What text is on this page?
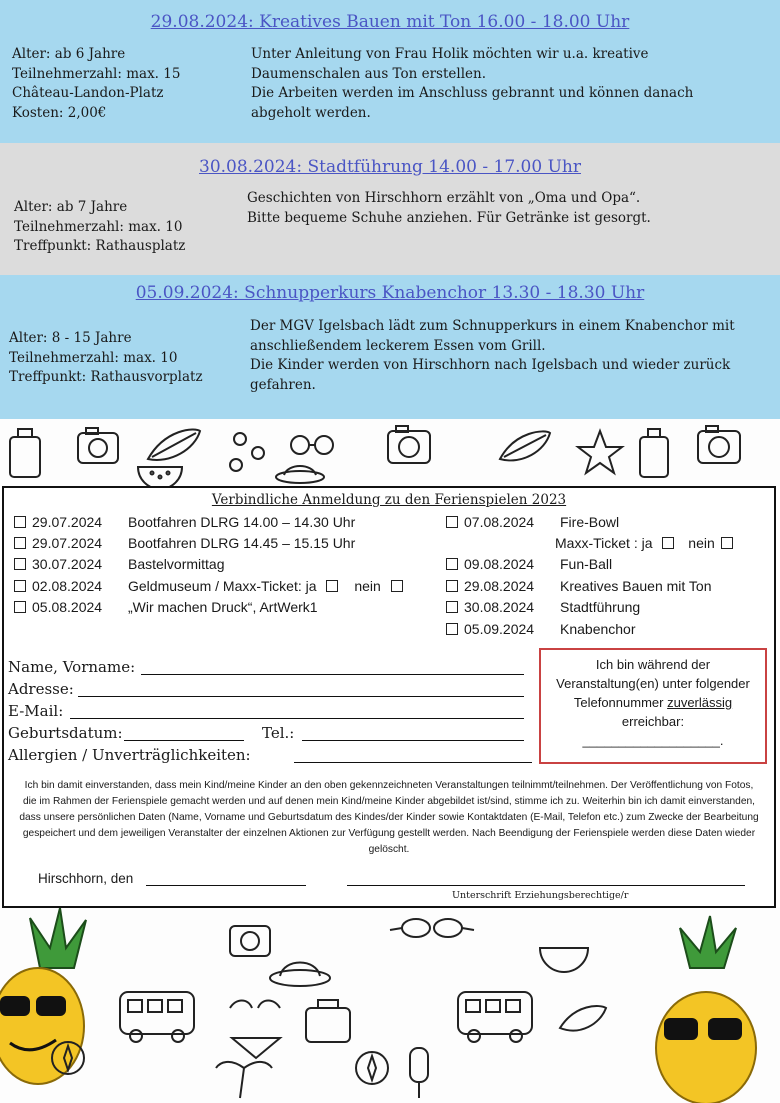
29.08.2024: Kreatives Bauen mit Ton 16.00 - 18.00 Uhr
Alter: ab 6 Jahre
Teilnehmerzahl: max. 15
Château-Landon-Platz
Kosten: 2,00€
Unter Anleitung von Frau Holik möchten wir u.a. kreative
Daumenschalen aus Ton erstellen.
Die Arbeiten werden im Anschluss gebrannt und können danach
abgeholt werden.
30.08.2024: Stadtführung 14.00 - 17.00 Uhr
Alter: ab 7 Jahre
Teilnehmerzahl: max. 10
Treffpunkt: Rathausplatz
Geschichten von Hirschhorn erzählt von „Oma und Opa“.
Bitte bequeme Schuhe anziehen. Für Getränke ist gesorgt.
05.09.2024: Schnupperkurs Knabenchor 13.30 - 18.30 Uhr
Alter: 8 - 15 Jahre
Teilnehmerzahl: max. 10
Treffpunkt: Rathausvorplatz
Der MGV Igelsbach lädt zum Schnupperkurs in einem Knabenchor mit
anschließendem leckerem Essen vom Grill.
Die Kinder werden von Hirschhorn nach Igelsbach und wieder zurück
gefahren.
Verbindliche Anmeldung zu den Ferienspielen 2023
29.07.2024 Bootfahren DLRG 14.00 – 14.30 Uhr
29.07.2024 Bootfahren DLRG 14.45 – 15.15 Uhr
30.07.2024 Bastelvormittag
02.08.2024 Geldmuseum / Maxx-Ticket: ja	nein
05.08.2024 „Wir machen Druck“, ArtWerk1
07.08.2024 Fire-Bowl
Maxx-Ticket : ja	nein
09.08.2024 Fun-Ball
29.08.2024 Kreatives Bauen mit Ton
30.08.2024 Stadtführung
05.09.2024 Knabenchor
Name, Vorname:
Adresse:
E-Mail:
Geburtsdatum:	Tel.:
Allergien / Unverträglichkeiten:
Ich bin während der
Veranstaltung(en) unter folgender
Telefonnummer zuverlässig
erreichbar:
___________________.
Ich bin damit einverstanden, dass mein Kind/meine Kinder an den oben gekennzeichneten Veranstaltungen teilnimmt/teilnehmen. Der Veröffentlichung von Fotos, die im Rahmen der Ferienspiele gemacht werden und auf denen mein Kind/meine Kinder abgebildet ist/sind, stimme ich zu. Weiterhin bin ich damit einverstanden, dass unsere persönlichen Daten (Name, Vorname und Geburtsdatum des Kindes/der Kinder sowie Kontaktdaten (E-Mail, Telefon etc.) zum Zwecke der Bearbeitung gespeichert und dem jeweiligen Veranstalter der einzelnen Aktionen zur Verfügung gestellt werden. Nach Beendigung der Ferienspiele werden diese Daten wieder gelöscht.
Hirschhorn, den
Unterschrift Erziehungsberechtige/r
